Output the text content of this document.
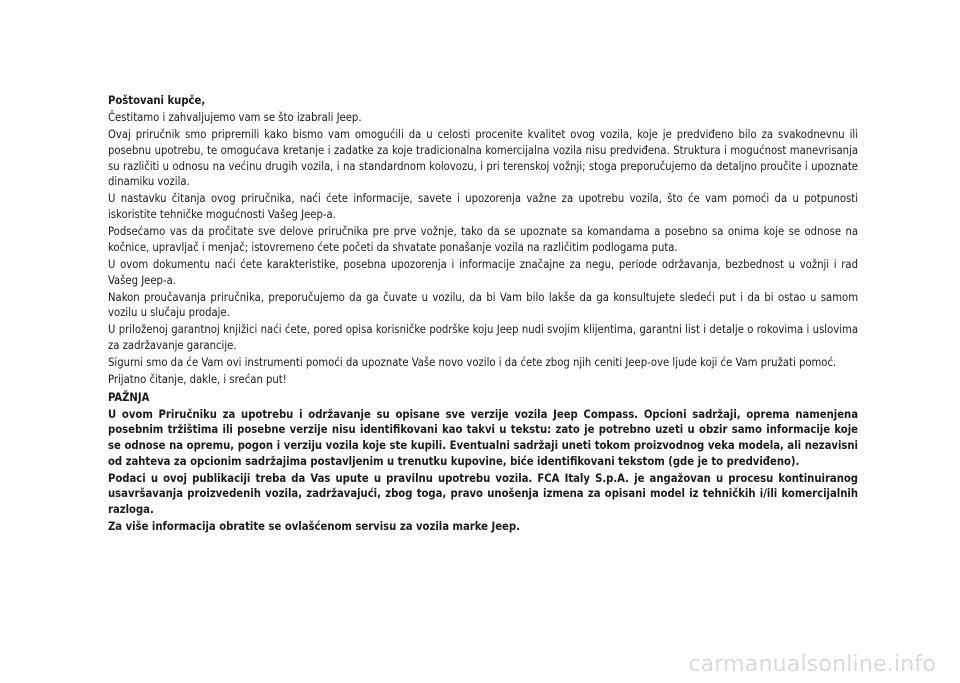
Poštovani kupče,

Čestitamo i zahvaljujemo vam se što izabrali Jeep.

Ovaj priručnik smo pripremili kako bismo vam omogućili da u celosti procenite kvalitet ovog vozila, koje je predviđeno bilo za svakodnevnu ili posebnu upotrebu, te omogućava kretanje i zadatke za koje tradicionalna komercijalna vozila nisu predviđena. Struktura i mogućnost manevrisanja su različiti u odnosu na većinu drugih vozila, i na standardnom kolovozu, i pri terenskoj vožnji; stoga preporučujemo da detaljno proučite i upoznate dinamiku vozila.

U nastavku čitanja ovog priručnika, naći ćete informacije, savete i upozorenja važne za upotrebu vozila, što će vam pomoći da u potpunosti iskoristite tehničke mogućnosti Vašeg Jeep-a.

Podsećamo vas da pročitate sve delove priručnika pre prve vožnje, tako da se upoznate sa komandama a posebno sa onima koje se odnose na kočnice, upravljač i menjač; istovremeno ćete početi da shvatate ponašanje vozila na različitim podlogama puta.

U ovom dokumentu naći ćete karakteristike, posebna upozorenja i informacije značajne za negu, periode održavanja, bezbednost u vožnji i rad Vašeg Jeep-a.

Nakon proučavanja priručnika, preporučujemo da ga čuvate u vozilu, da bi Vam bilo lakše da ga konsultujete sledeći put i da bi ostao u samom vozilu u slučaju prodaje.

U priloženoj garantnoj knjižici naći ćete, pored opisa korisničke podrške koju Jeep nudi svojim klijentima, garantni list i detalje o rokovima i uslovima za zadržavanje garancije.

Sigurni smo da će Vam ovi instrumenti pomoći da upoznate Vaše novo vozilo i da ćete zbog njih ceniti Jeep-ove ljude koji će Vam pružati pomoć.

Prijatno čitanje, dakle, i srećan put!

PAŽNJA

U ovom Priručniku za upotrebu i održavanje su opisane sve verzije vozila Jeep Compass. Opcioni sadržaji, oprema namenjena posebnim tržištima ili posebne verzije nisu identifikovani kao takvi u tekstu: zato je potrebno uzeti u obzir samo informacije koje se odnose na opremu, pogon i verziju vozila koje ste kupili. Eventualni sadržaji uneti tokom proizvodnog veka modela, ali nezavisni od zahteva za opcionim sadržajima postavljenim u trenutku kupovine, biće identifikovani tekstom (gde je to predviđeno).

Podaci u ovoj publikaciji treba da Vas upute u pravilnu upotrebu vozila. FCA Italy S.p.A. je angažovan u procesu kontinuiranog usavršavanja proizvedenih vozila, zadržavajući, zbog toga, pravo unošenja izmena za opisani model iz tehničkih i/ili komercijalnih razloga.

Za više informacija obratite se ovlašćenom servisu za vozila marke Jeep.

carmanualsonline.info
